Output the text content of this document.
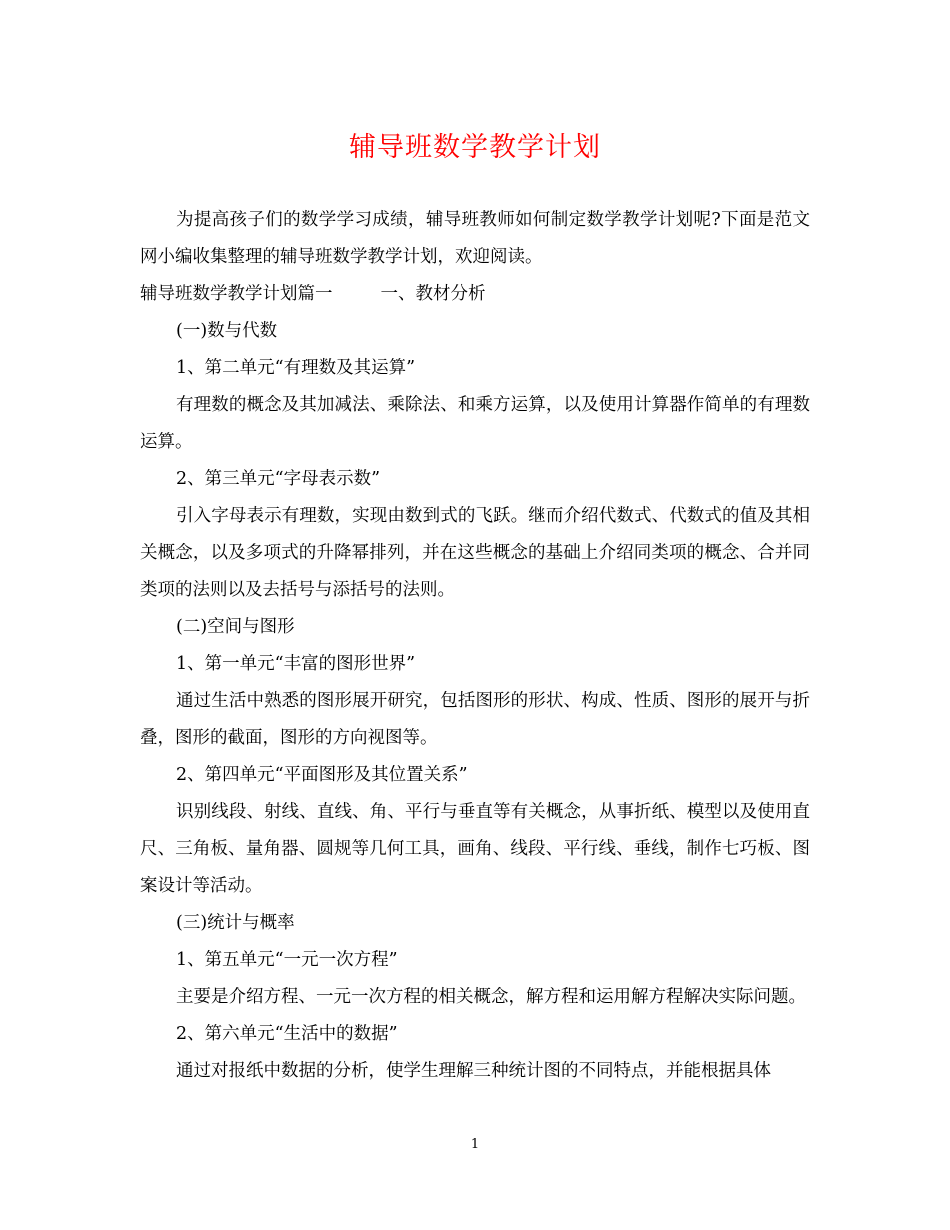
辅导班数学教学计划

为提高孩子们的数学学习成绩，辅导班教师如何制定数学教学计划呢?下面是范文网小编收集整理的辅导班数学教学计划，欢迎阅读。

辅导班数学教学计划篇一	一、教材分析

(一)数与代数

1、第二单元“有理数及其运算”

有理数的概念及其加减法、乘除法、和乘方运算，以及使用计算器作简单的有理数运算。

2、第三单元“字母表示数”

引入字母表示有理数，实现由数到式的飞跃。继而介绍代数式、代数式的值及其相关概念，以及多项式的升降幂排列，并在这些概念的基础上介绍同类项的概念、合并同类项的法则以及去括号与添括号的法则。

(二)空间与图形

1、第一单元“丰富的图形世界”

通过生活中熟悉的图形展开研究，包括图形的形状、构成、性质、图形的展开与折叠，图形的截面，图形的方向视图等。

2、第四单元“平面图形及其位置关系”

识别线段、射线、直线、角、平行与垂直等有关概念，从事折纸、模型以及使用直尺、三角板、量角器、圆规等几何工具，画角、线段、平行线、垂线，制作七巧板、图案设计等活动。

(三)统计与概率

1、第五单元“一元一次方程”

主要是介绍方程、一元一次方程的相关概念，解方程和运用解方程解决实际问题。

2、第六单元“生活中的数据”

通过对报纸中数据的分析，使学生理解三种统计图的不同特点，并能根据具体

1
